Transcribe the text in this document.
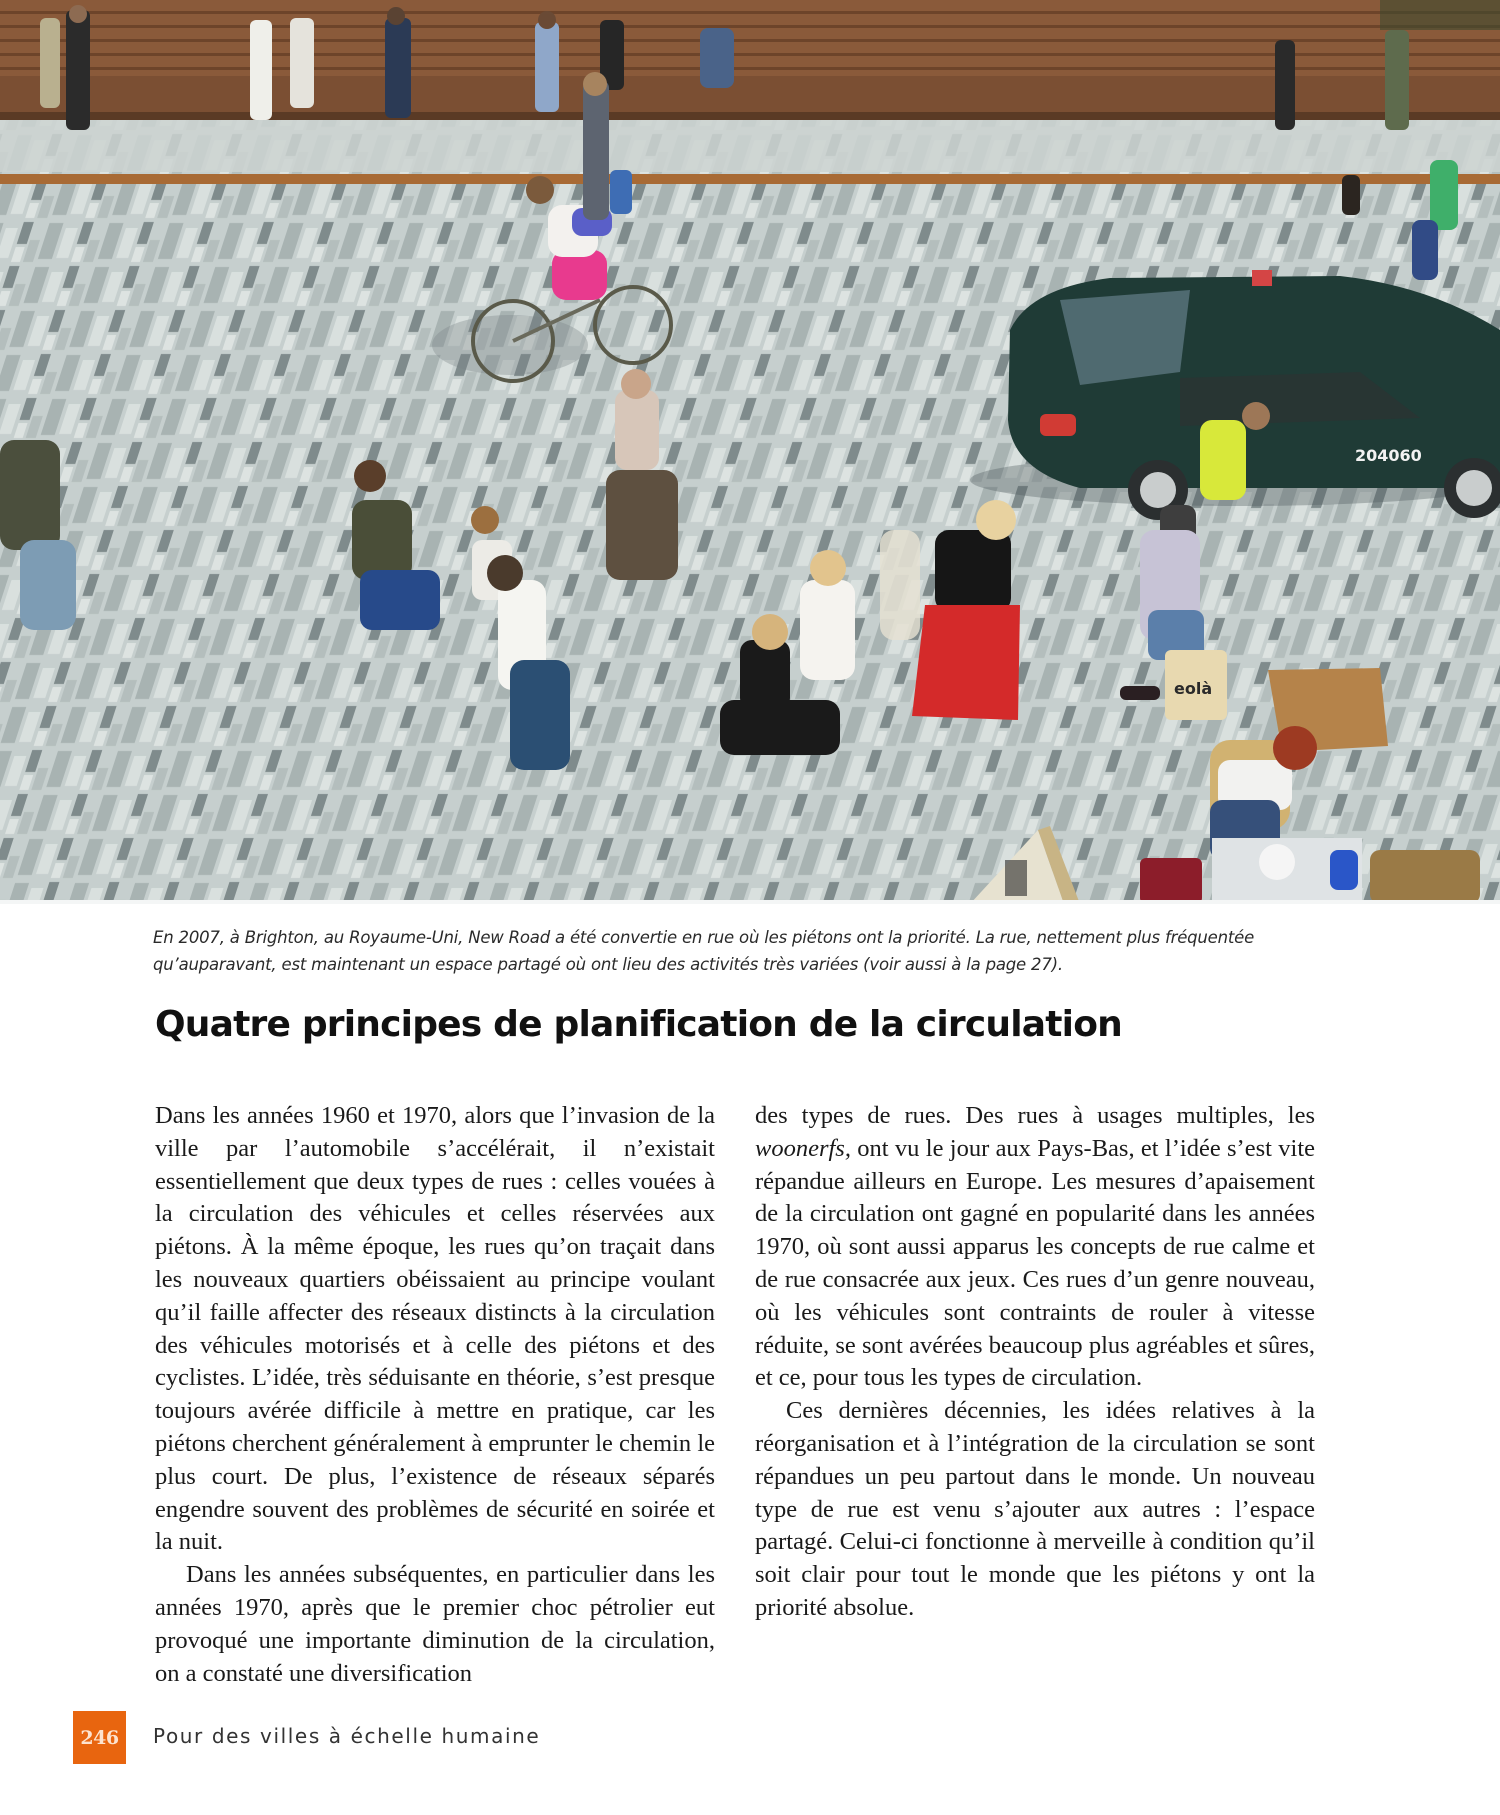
204060
eolà

En 2007, à Brighton, au Royaume-Uni, New Road a été convertie en rue où les piétons ont la priorité. La rue, nettement plus fréquentée

qu’auparavant, est maintenant un espace partagé où ont lieu des activités très variées (voir aussi à la page 27).

Quatre principes de planification de la circulation

Dans les années 1960 et 1970, alors que l’invasion de la ville par l’automobile s’accélérait, il n’existait essentiellement que deux types de rues : celles vouées à la circulation des véhicules et celles réservées aux piétons. À la même époque, les rues qu’on traçait dans les nouveaux quartiers obéissaient au principe voulant qu’il faille affecter des réseaux distincts à la circulation des véhicules motorisés et à celle des piétons et des cyclistes. L’idée, très séduisante en théorie, s’est presque toujours avérée difficile à mettre en pratique, car les piétons cherchent généralement à emprunter le chemin le plus court. De plus, l’existence de réseaux séparés engendre souvent des problèmes de sécurité en soirée et la nuit.

Dans les années subséquentes, en particulier dans les années 1970, après que le premier choc pétrolier eut provoqué une importante diminution de la circulation, on a constaté une diversification

des types de rues. Des rues à usages multiples, les woonerfs, ont vu le jour aux Pays-Bas, et l’idée s’est vite répandue ailleurs en Europe. Les mesures d’apaisement de la circulation ont gagné en popularité dans les années 1970, où sont aussi apparus les concepts de rue calme et de rue consacrée aux jeux. Ces rues d’un genre nouveau, où les véhicules sont contraints de rouler à vitesse réduite, se sont avérées beaucoup plus agréables et sûres, et ce, pour tous les types de circulation.

Ces dernières décennies, les idées relatives à la réorganisation et à l’intégration de la circulation se sont répandues un peu partout dans le monde. Un nouveau type de rue est venu s’ajouter aux autres : l’espace partagé. Celui-ci fonctionne à merveille à condition qu’il soit clair pour tout le monde que les piétons y ont la priorité absolue.

246 Pour des villes à échelle humaine
